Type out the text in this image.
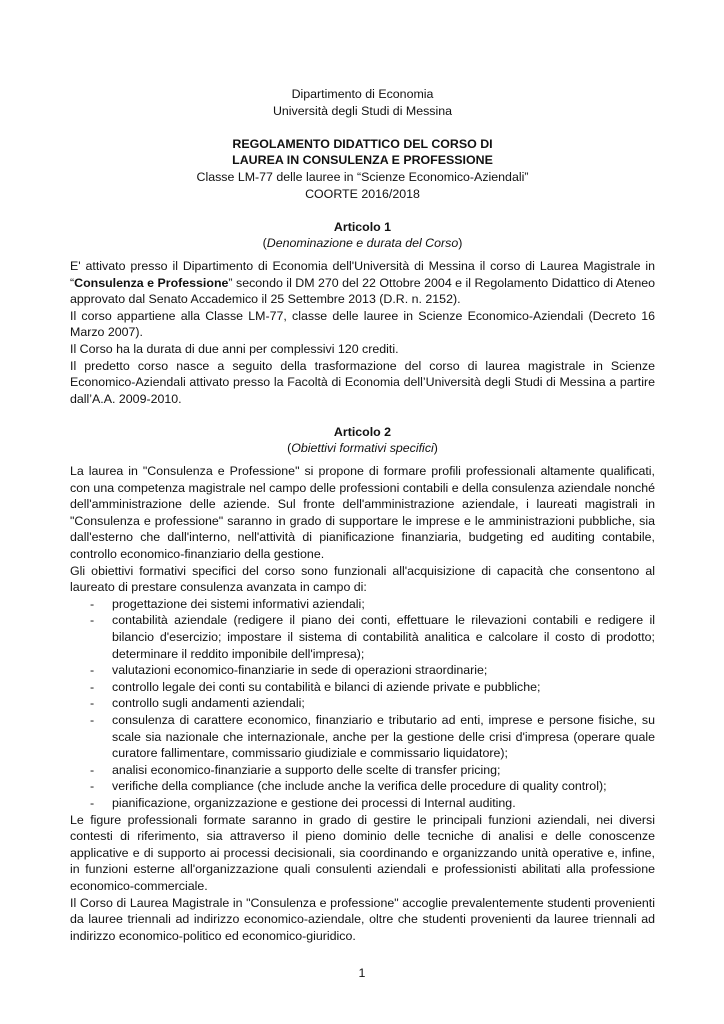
Dipartimento di Economia
Università degli Studi di Messina
REGOLAMENTO DIDATTICO DEL CORSO DI
LAUREA IN CONSULENZA E PROFESSIONE
Classe LM-77 delle lauree in “Scienze Economico-Aziendali”
COORTE 2016/2018
Articolo 1
(Denominazione e durata del Corso)

E' attivato presso il Dipartimento di Economia dell'Università di Messina il corso di Laurea Magistrale in “Consulenza e Professione” secondo il DM 270 del 22 Ottobre 2004 e il Regolamento Didattico di Ateneo approvato dal Senato Accademico il 25 Settembre 2013 (D.R. n. 2152).

Il corso appartiene alla Classe LM-77, classe delle lauree in Scienze Economico-Aziendali (Decreto 16 Marzo 2007).

Il Corso ha la durata di due anni per complessivi 120 crediti.

Il predetto corso nasce a seguito della trasformazione del corso di laurea magistrale in Scienze Economico-Aziendali attivato presso la Facoltà di Economia dell’Università degli Studi di Messina a partire dall’A.A. 2009-2010.

Articolo 2
(Obiettivi formativi specifici)

La laurea in "Consulenza e Professione" si propone di formare profili professionali altamente qualificati, con una competenza magistrale nel campo delle professioni contabili e della consulenza aziendale nonché dell'amministrazione delle aziende. Sul fronte dell'amministrazione aziendale, i laureati magistrali in "Consulenza e professione" saranno in grado di supportare le imprese e le amministrazioni pubbliche, sia dall'esterno che dall'interno, nell'attività di pianificazione finanziaria, budgeting ed auditing contabile, controllo economico-finanziario della gestione.

Gli obiettivi formativi specifici del corso sono funzionali all'acquisizione di capacità che consentono al laureato di prestare consulenza avanzata in campo di:

- progettazione dei sistemi informativi aziendali;
- contabilità aziendale (redigere il piano dei conti, effettuare le rilevazioni contabili e redigere il bilancio d'esercizio; impostare il sistema di contabilità analitica e calcolare il costo di prodotto; determinare il reddito imponibile dell'impresa);
- valutazioni economico-finanziarie in sede di operazioni straordinarie;
- controllo legale dei conti su contabilità e bilanci di aziende private e pubbliche;
- controllo sugli andamenti aziendali;
- consulenza di carattere economico, finanziario e tributario ad enti, imprese e persone fisiche, su scale sia nazionale che internazionale, anche per la gestione delle crisi d'impresa (operare quale curatore fallimentare, commissario giudiziale e commissario liquidatore);
- analisi economico-finanziarie a supporto delle scelte di transfer pricing;
- verifiche della compliance (che include anche la verifica delle procedure di quality control);
- pianificazione, organizzazione e gestione dei processi di Internal auditing.

Le figure professionali formate saranno in grado di gestire le principali funzioni aziendali, nei diversi contesti di riferimento, sia attraverso il pieno dominio delle tecniche di analisi e delle conoscenze applicative e di supporto ai processi decisionali, sia coordinando e organizzando unità operative e, infine, in funzioni esterne all'organizzazione quali consulenti aziendali e professionisti abilitati alla professione economico-commerciale.

Il Corso di Laurea Magistrale in "Consulenza e professione" accoglie prevalentemente studenti provenienti da lauree triennali ad indirizzo economico-aziendale, oltre che studenti provenienti da lauree triennali ad indirizzo economico-politico ed economico-giuridico.

1
